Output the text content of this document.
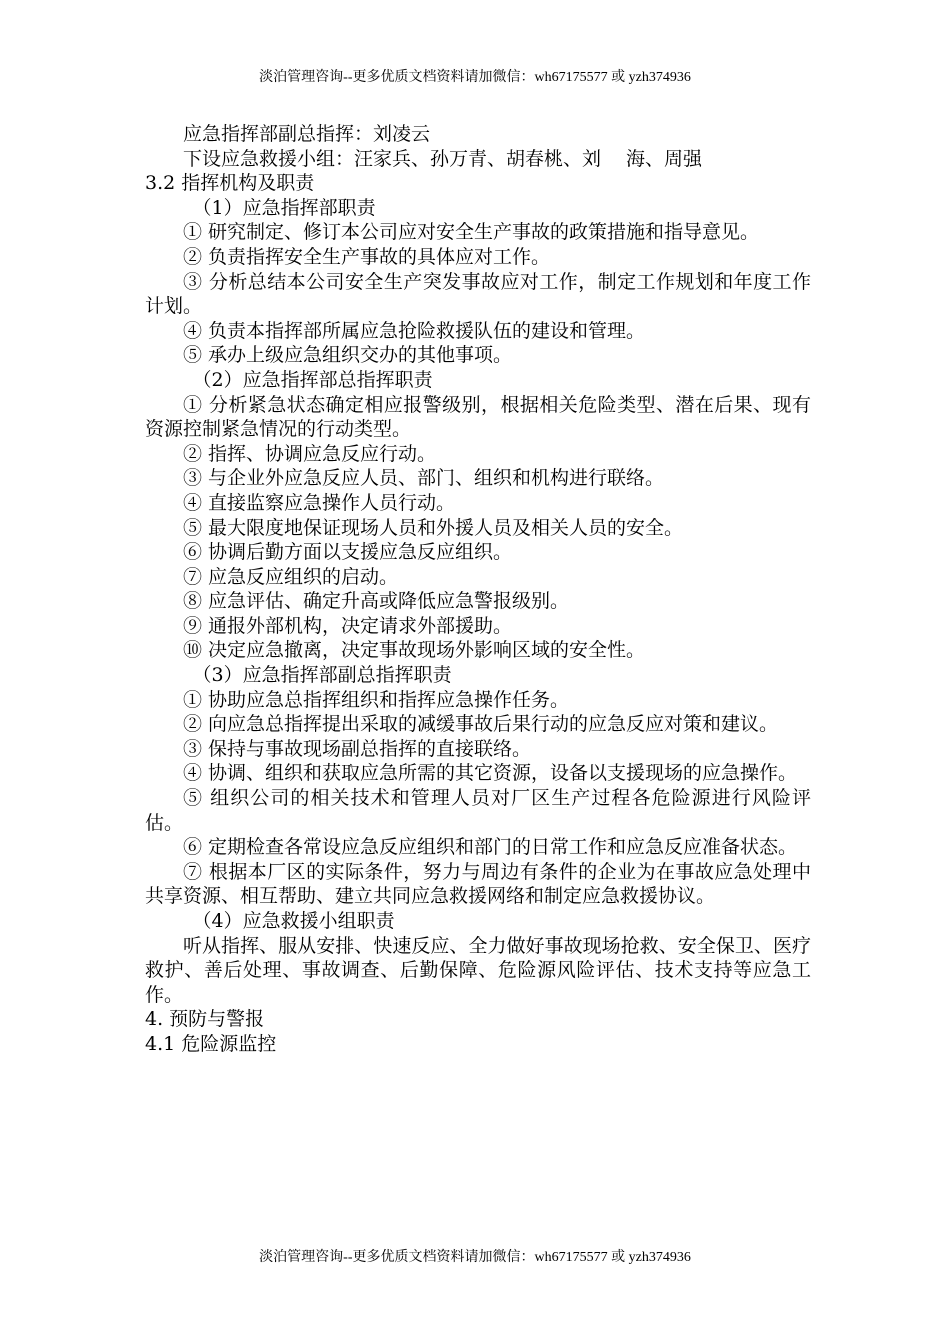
淡泊管理咨询--更多优质文档资料请加微信：wh67175577 或 yzh374936

应急指挥部副总指挥：刘凌云

下设应急救援小组：汪家兵、孙万青、胡春桃、刘　 海、周强

3.2 指挥机构及职责

（1）应急指挥部职责

① 研究制定、修订本公司应对安全生产事故的政策措施和指导意见。

② 负责指挥安全生产事故的具体应对工作。

③ 分析总结本公司安全生产突发事故应对工作，制定工作规划和年度工作计划。

④ 负责本指挥部所属应急抢险救援队伍的建设和管理。

⑤ 承办上级应急组织交办的其他事项。

（2）应急指挥部总指挥职责

① 分析紧急状态确定相应报警级别，根据相关危险类型、潜在后果、现有资源控制紧急情况的行动类型。

② 指挥、协调应急反应行动。

③ 与企业外应急反应人员、部门、组织和机构进行联络。

④ 直接监察应急操作人员行动。

⑤ 最大限度地保证现场人员和外援人员及相关人员的安全。

⑥ 协调后勤方面以支援应急反应组织。

⑦ 应急反应组织的启动。

⑧ 应急评估、确定升高或降低应急警报级别。

⑨ 通报外部机构，决定请求外部援助。

⑩ 决定应急撤离，决定事故现场外影响区域的安全性。

（3）应急指挥部副总指挥职责

① 协助应急总指挥组织和指挥应急操作任务。

② 向应急总指挥提出采取的减缓事故后果行动的应急反应对策和建议。

③ 保持与事故现场副总指挥的直接联络。

④ 协调、组织和获取应急所需的其它资源，设备以支援现场的应急操作。

⑤ 组织公司的相关技术和管理人员对厂区生产过程各危险源进行风险评估。

⑥ 定期检查各常设应急反应组织和部门的日常工作和应急反应准备状态。

⑦ 根据本厂区的实际条件，努力与周边有条件的企业为在事故应急处理中共享资源、相互帮助、建立共同应急救援网络和制定应急救援协议。

（4）应急救援小组职责

听从指挥、服从安排、快速反应、全力做好事故现场抢救、安全保卫、医疗救护、善后处理、事故调查、后勤保障、危险源风险评估、技术支持等应急工作。

4. 预防与警报

4.1 危险源监控

淡泊管理咨询--更多优质文档资料请加微信：wh67175577 或 yzh374936
